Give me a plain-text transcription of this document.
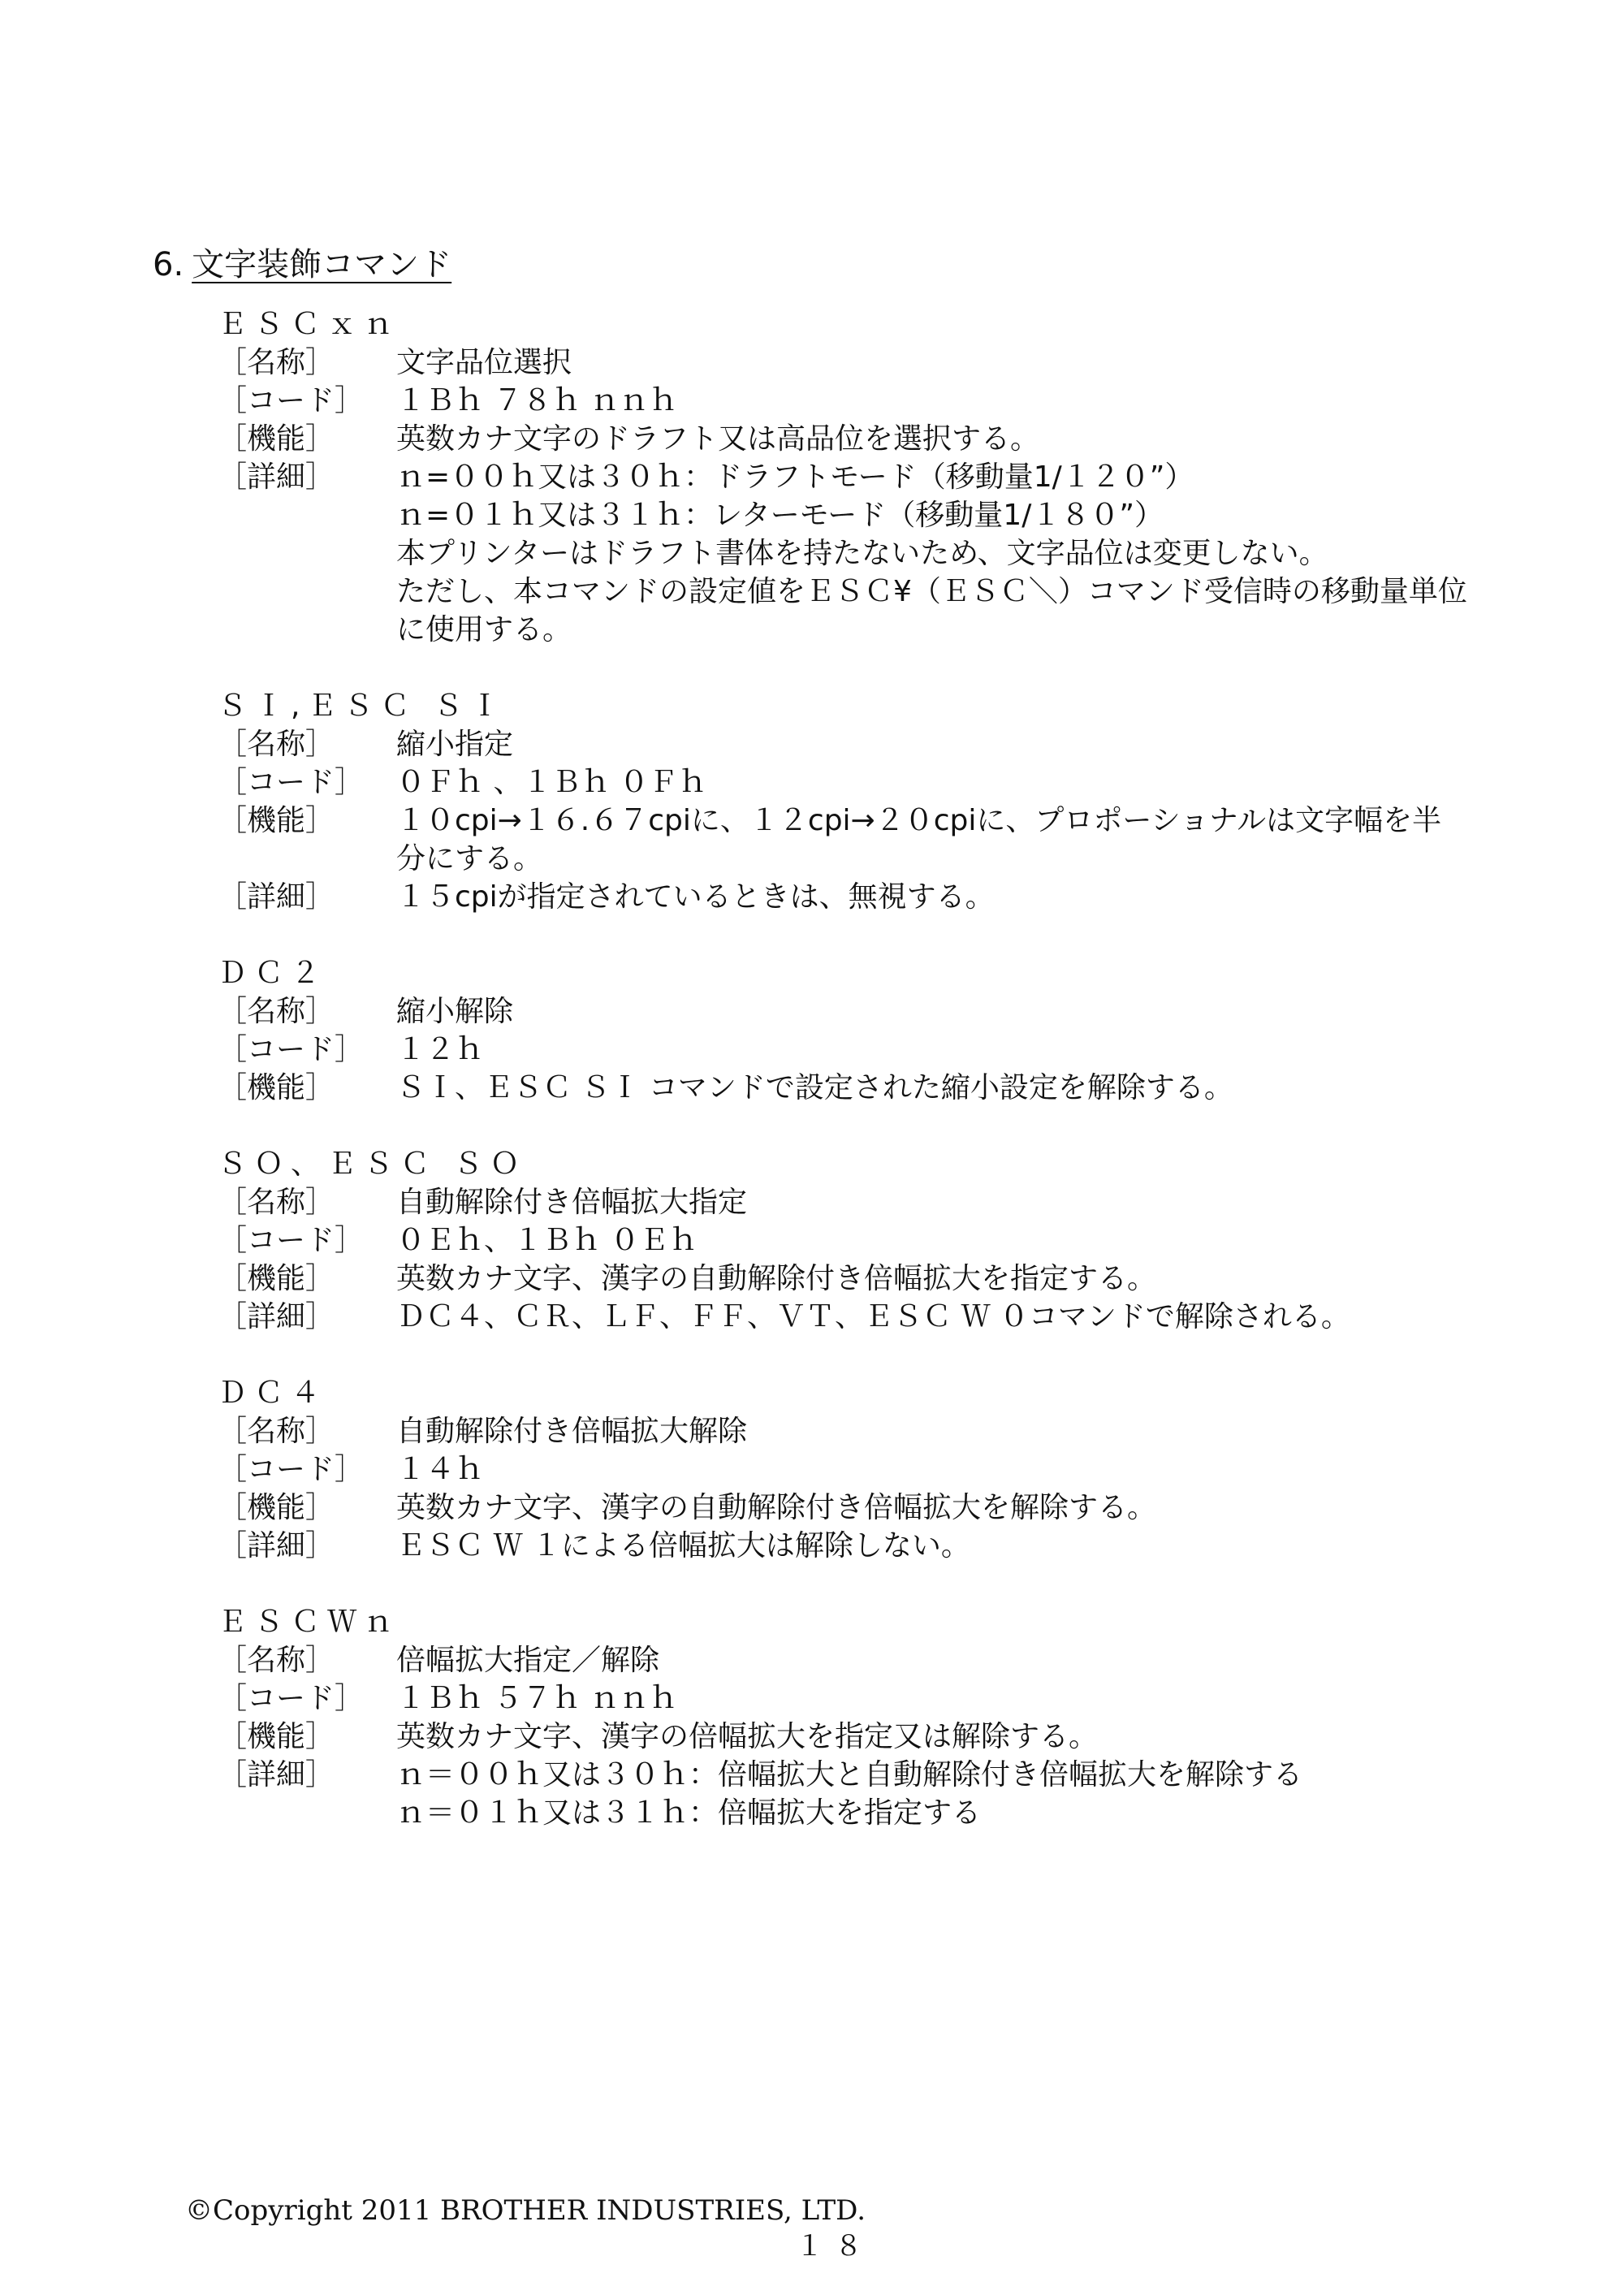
6. 文字装飾コマンド
ＥＳＣｘｎ
［名称］	文字品位選択
［コード］	１Ｂｈ ７８ｈ ｎｎｈ
［機能］	英数カナ文字のドラフト又は高品位を選択する。
［詳細］	ｎ=００ｈ又は３０ｈ：ドラフトモード（移動量1/１２０”）
ｎ=０１ｈ又は３１ｈ：レターモード（移動量1/１８０”）
本プリンターはドラフト書体を持たないため、文字品位は変更しない。
ただし、本コマンドの設定値をＥＳＣ¥（ＥＳＣ＼）コマンド受信時の移動量単位
に使用する。
ＳＩ,ＥＳＣ ＳＩ
［名称］	縮小指定
［コード］	０Ｆｈ 、１Ｂｈ ０Ｆｈ
［機能］	１０cpi→１６.６７cpiに、１２cpi→２０cpiに、プロポーショナルは文字幅を半
分にする。
［詳細］	１５cpiが指定されているときは、無視する。
ＤＣ２
［名称］	縮小解除
［コード］	１２ｈ
［機能］	ＳＩ、ＥＳＣ ＳＩ コマンドで設定された縮小設定を解除する。
ＳＯ、ＥＳＣ ＳＯ
［名称］	自動解除付き倍幅拡大指定
［コード］	０Ｅｈ、１Ｂｈ ０Ｅｈ
［機能］	英数カナ文字、漢字の自動解除付き倍幅拡大を指定する。
［詳細］	ＤＣ４、ＣＲ、ＬＦ、ＦＦ、ＶＴ、ＥＳＣ Ｗ ０コマンドで解除される。
ＤＣ４
［名称］	自動解除付き倍幅拡大解除
［コード］	１４ｈ
［機能］	英数カナ文字、漢字の自動解除付き倍幅拡大を解除する。
［詳細］	ＥＳＣ Ｗ １による倍幅拡大は解除しない。
ＥＳＣＷｎ
［名称］	倍幅拡大指定／解除
［コード］	１Ｂｈ ５７ｈ ｎｎｈ
［機能］	英数カナ文字、漢字の倍幅拡大を指定又は解除する。
［詳細］	ｎ＝００ｈ又は３０ｈ：倍幅拡大と自動解除付き倍幅拡大を解除する
ｎ＝０１ｈ又は３１ｈ：倍幅拡大を指定する
©Copyright 2011 BROTHER INDUSTRIES, LTD.
１８
